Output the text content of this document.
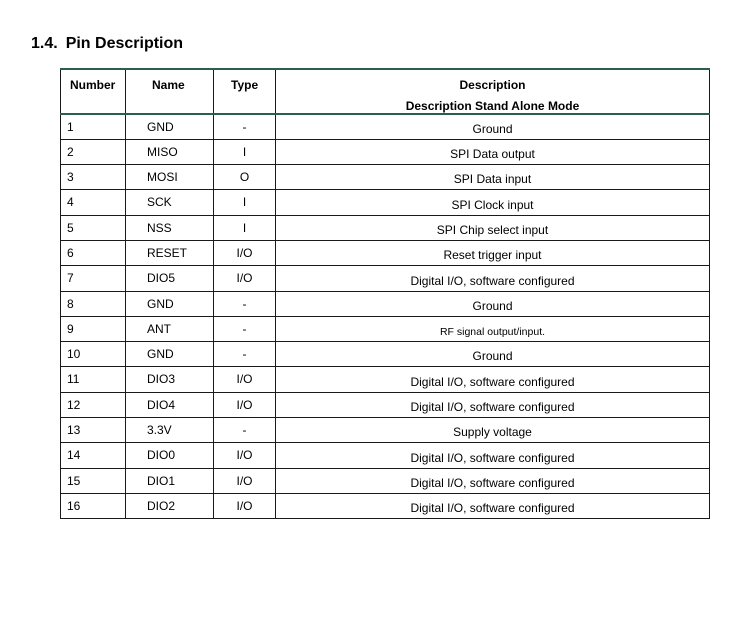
1.4. Pin Description
Number	Name	Type	Description
Description Stand Alone Mode

1	GND	-	Ground
2	MISO	I	SPI Data output
3	MOSI	O	SPI Data input
4	SCK	I	SPI Clock input
5	NSS	I	SPI Chip select input
6	RESET	I/O	Reset trigger input
7	DIO5	I/O	Digital I/O, software configured
8	GND	-	Ground
9	ANT	-	RF signal output/input.
10	GND	-	Ground
11	DIO3	I/O	Digital I/O, software configured
12	DIO4	I/O	Digital I/O, software configured
13	3.3V	-	Supply voltage
14	DIO0	I/O	Digital I/O, software configured
15	DIO1	I/O	Digital I/O, software configured
16	DIO2	I/O	Digital I/O, software configured
